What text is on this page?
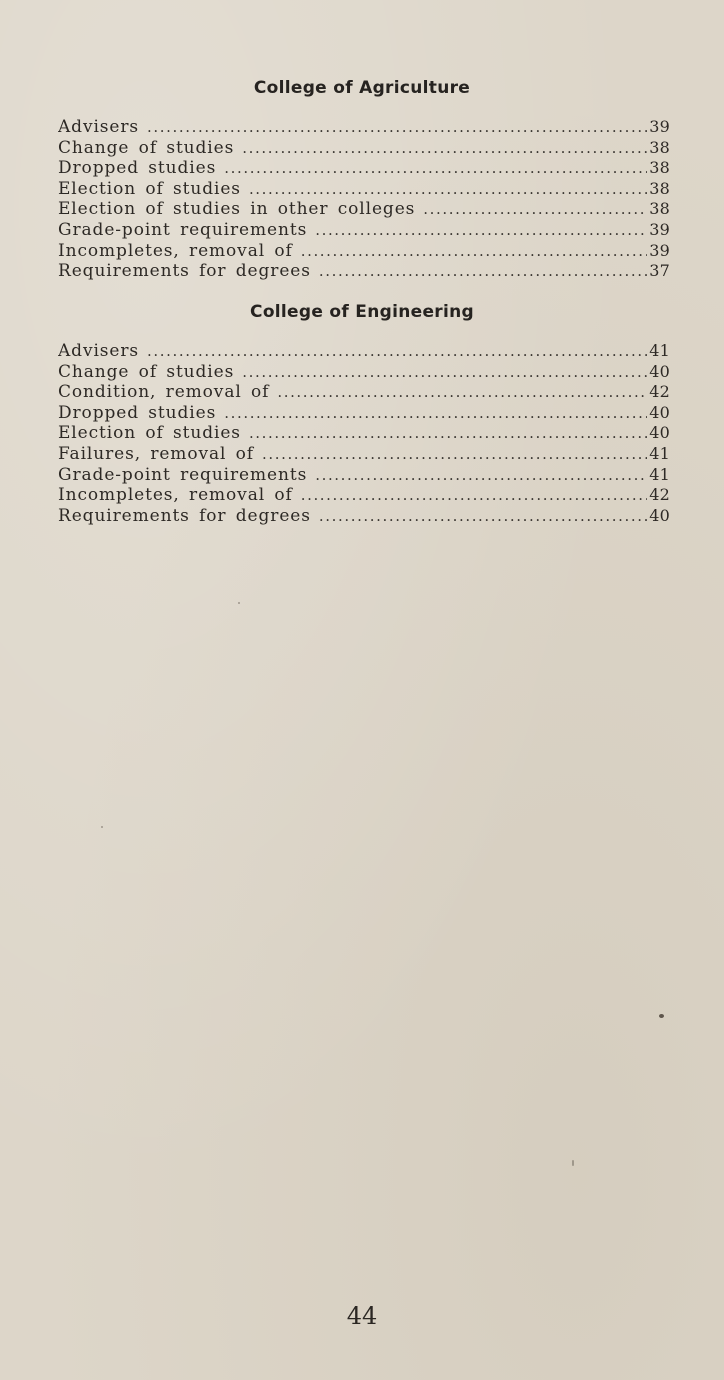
College of Agriculture
Advisers .....	39
Change of studies .....	38
Dropped studies .....	38
Election of studies .....	38
Election of studies in other colleges .....	38
Grade-point requirements .....	39
Incompletes, removal of .....	39
Requirements for degrees .....	37
College of Engineering
Advisers .....	41
Change of studies .....	40
Condition, removal of .....	42
Dropped studies .....	40
Election of studies .....	40
Failures, removal of .....	41
Grade-point requirements .....	41
Incompletes, removal of .....	42
Requirements for degrees .....	40
44
